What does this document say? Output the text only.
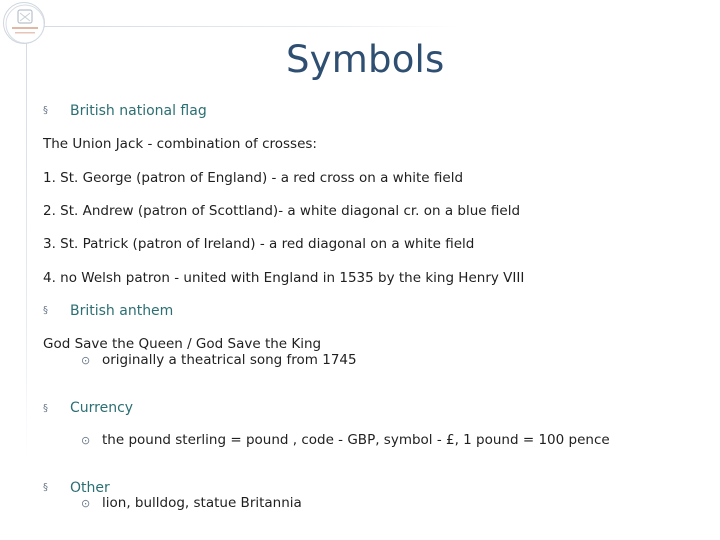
Symbols
§ British national flag
The Union Jack - combination of crosses:
1. St. George (patron of England) - a red cross on a white field
2. St. Andrew (patron of Scottland)- a white diagonal cr. on a blue field
3. St. Patrick (patron of Ireland) - a red diagonal on a white field
4. no Welsh patron - united with England in 1535 by the king Henry VIII
§ British anthem
God Save the Queen / God Save the King
⊙ originally a theatrical song from 1745
§ Currency
⊙ the pound sterling = pound , code - GBP, symbol - £, 1 pound = 100 pence
§ Other
⊙ lion, bulldog, statue Britannia
